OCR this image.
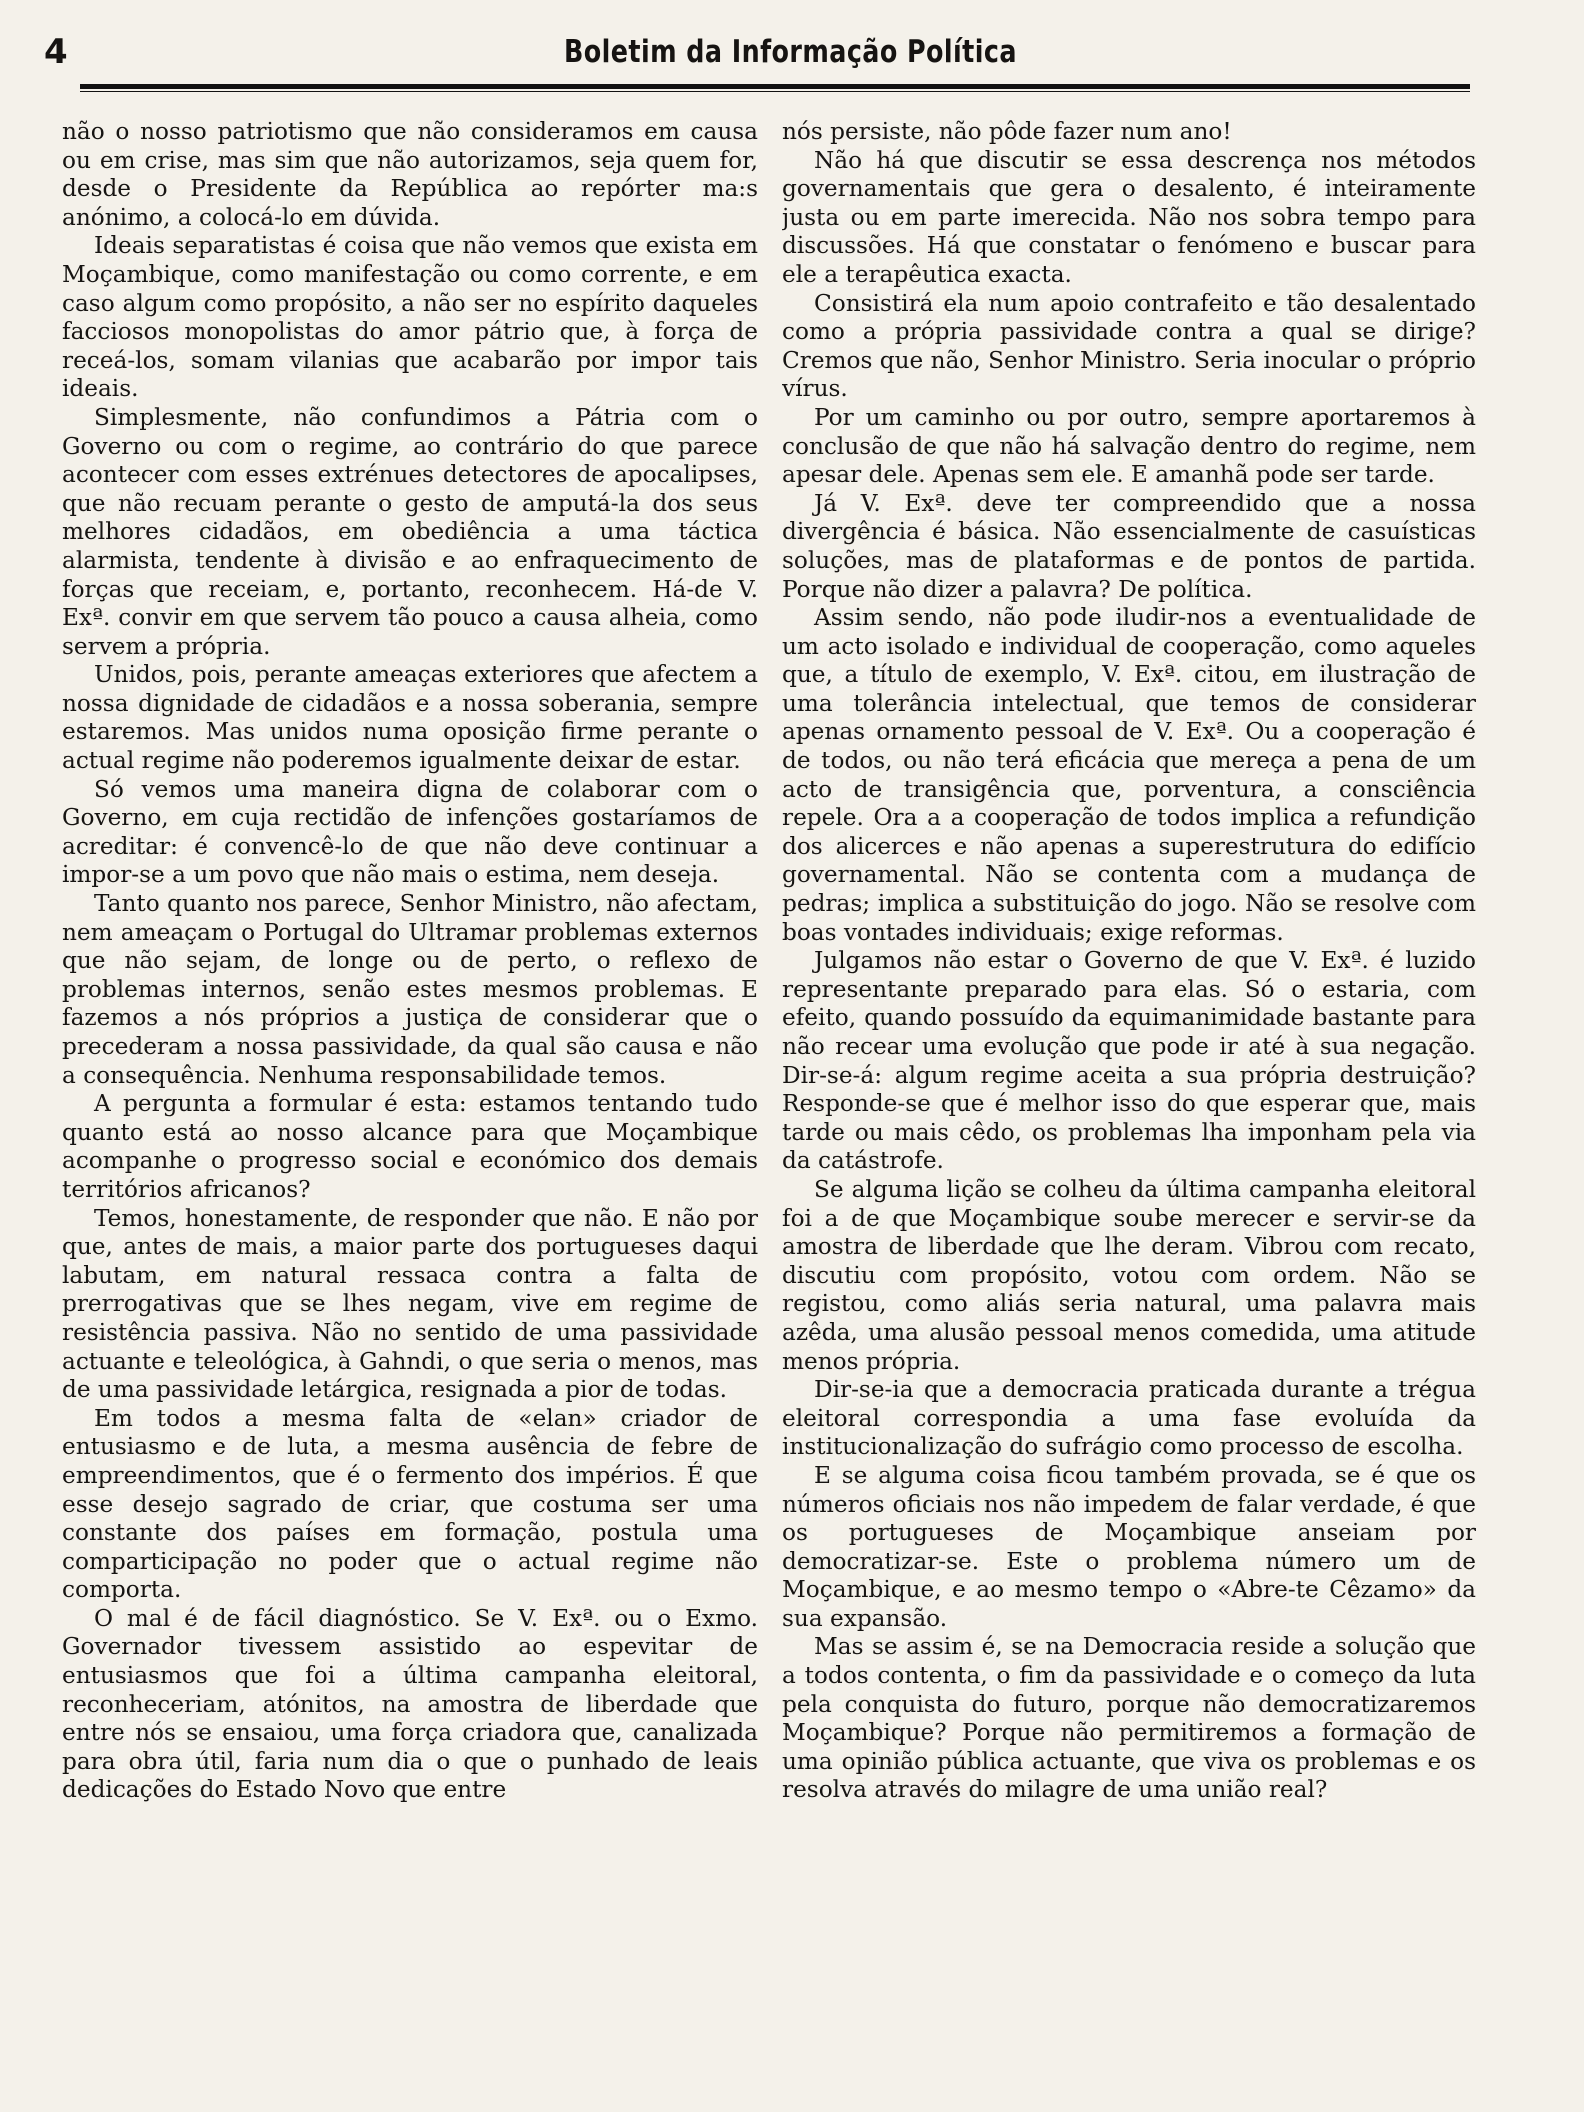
4	Boletim da Informação Política

não o nosso patriotismo que não consideramos em causa ou em crise, mas sim que não autorizamos, seja quem for, desde o Presidente da República ao repórter ma:s anónimo, a colocá-lo em dúvida.

Ideais separatistas é coisa que não vemos que exista em Moçambique, como manifestação ou como corrente, e em caso algum como propósito, a não ser no espírito daqueles facciosos monopolistas do amor pátrio que, à força de receá-los, somam vilanias que acabarão por impor tais ideais.

Simplesmente, não confundimos a Pátria com o Governo ou com o regime, ao contrário do que parece acontecer com esses extrénues detectores de apocalipses, que não recuam perante o gesto de amputá-la dos seus melhores cidadãos, em obediência a uma táctica alarmista, tendente à divisão e ao enfraquecimento de forças que receiam, e, portanto, reconhecem. Há-de V. Exª. convir em que servem tão pouco a causa alheia, como servem a própria.

Unidos, pois, perante ameaças exteriores que afectem a nossa dignidade de cidadãos e a nossa soberania, sempre estaremos. Mas unidos numa oposição firme perante o actual regime não poderemos igualmente deixar de estar.

Só vemos uma maneira digna de colaborar com o Governo, em cuja rectidão de infenções gostaríamos de acreditar: é convencê-lo de que não deve continuar a impor-se a um povo que não mais o estima, nem deseja.

Tanto quanto nos parece, Senhor Ministro, não afectam, nem ameaçam o Portugal do Ultramar problemas externos que não sejam, de longe ou de perto, o reflexo de problemas internos, senão estes mesmos problemas. E fazemos a nós próprios a justiça de considerar que o precederam a nossa passividade, da qual são causa e não a consequência. Nenhuma responsabilidade temos.

A pergunta a formular é esta: estamos tentando tudo quanto está ao nosso alcance para que Moçambique acompanhe o progresso social e económico dos demais territórios africanos?

Temos, honestamente, de responder que não. E não por que, antes de mais, a maior parte dos portugueses daqui labutam, em natural ressaca contra a falta de prerrogativas que se lhes negam, vive em regime de resistência passiva. Não no sentido de uma passividade actuante e teleológica, à Gahndi, o que seria o menos, mas de uma passividade letárgica, resignada a pior de todas.

Em todos a mesma falta de «elan» criador de entusiasmo e de luta, a mesma ausência de febre de empreendimentos, que é o fermento dos impérios. É que esse desejo sagrado de criar, que costuma ser uma constante dos países em formação, postula uma comparticipação no poder que o actual regime não comporta.

O mal é de fácil diagnóstico. Se V. Exª. ou o Exmo. Governador tivessem assistido ao espevitar de entusiasmos que foi a última campanha eleitoral, reconheceriam, atónitos, na amostra de liberdade que entre nós se ensaiou, uma força criadora que, canalizada para obra útil, faria num dia o que o punhado de leais dedicações do Estado Novo que entre

nós persiste, não pôde fazer num ano!

Não há que discutir se essa descrença nos métodos governamentais que gera o desalento, é inteiramente justa ou em parte imerecida. Não nos sobra tempo para discussões. Há que constatar o fenómeno e buscar para ele a terapêutica exacta.

Consistirá ela num apoio contrafeito e tão desalentado como a própria passividade contra a qual se dirige? Cremos que não, Senhor Ministro. Seria inocular o próprio vírus.

Por um caminho ou por outro, sempre aportaremos à conclusão de que não há salvação dentro do regime, nem apesar dele. Apenas sem ele. E amanhã pode ser tarde.

Já V. Exª. deve ter compreendido que a nossa divergência é básica. Não essencialmente de casuísticas soluções, mas de plataformas e de pontos de partida. Porque não dizer a palavra? De política.

Assim sendo, não pode iludir-nos a eventualidade de um acto isolado e individual de cooperação, como aqueles que, a título de exemplo, V. Exª. citou, em ilustração de uma tolerância intelectual, que temos de considerar apenas ornamento pessoal de V. Exª. Ou a cooperação é de todos, ou não terá eficácia que mereça a pena de um acto de transigência que, porventura, a consciência repele. Ora a a cooperação de todos implica a refundição dos alicerces e não apenas a superestrutura do edifício governamental. Não se contenta com a mudança de pedras; implica a substituição do jogo. Não se resolve com boas vontades individuais; exige reformas.

Julgamos não estar o Governo de que V. Exª. é luzido representante preparado para elas. Só o estaria, com efeito, quando possuído da equimanimidade bastante para não recear uma evolução que pode ir até à sua negação. Dir-se-á: algum regime aceita a sua própria destruição? Responde-se que é melhor isso do que esperar que, mais tarde ou mais cêdo, os problemas lha imponham pela via da catástrofe.

Se alguma lição se colheu da última campanha eleitoral foi a de que Moçambique soube merecer e servir-se da amostra de liberdade que lhe deram. Vibrou com recato, discutiu com propósito, votou com ordem. Não se registou, como aliás seria natural, uma palavra mais azêda, uma alusão pessoal menos comedida, uma atitude menos própria.

Dir-se-ia que a democracia praticada durante a trégua eleitoral correspondia a uma fase evoluída da institucionalização do sufrágio como processo de escolha.

E se alguma coisa ficou também provada, se é que os números oficiais nos não impedem de falar verdade, é que os portugueses de Moçambique anseiam por democratizar-se. Este o problema número um de Moçambique, e ao mesmo tempo o «Abre-te Cêzamo» da sua expansão.

Mas se assim é, se na Democracia reside a solução que a todos contenta, o fim da passividade e o começo da luta pela conquista do futuro, porque não democratizaremos Moçambique? Porque não permitiremos a formação de uma opinião pública actuante, que viva os problemas e os resolva através do milagre de uma união real?
